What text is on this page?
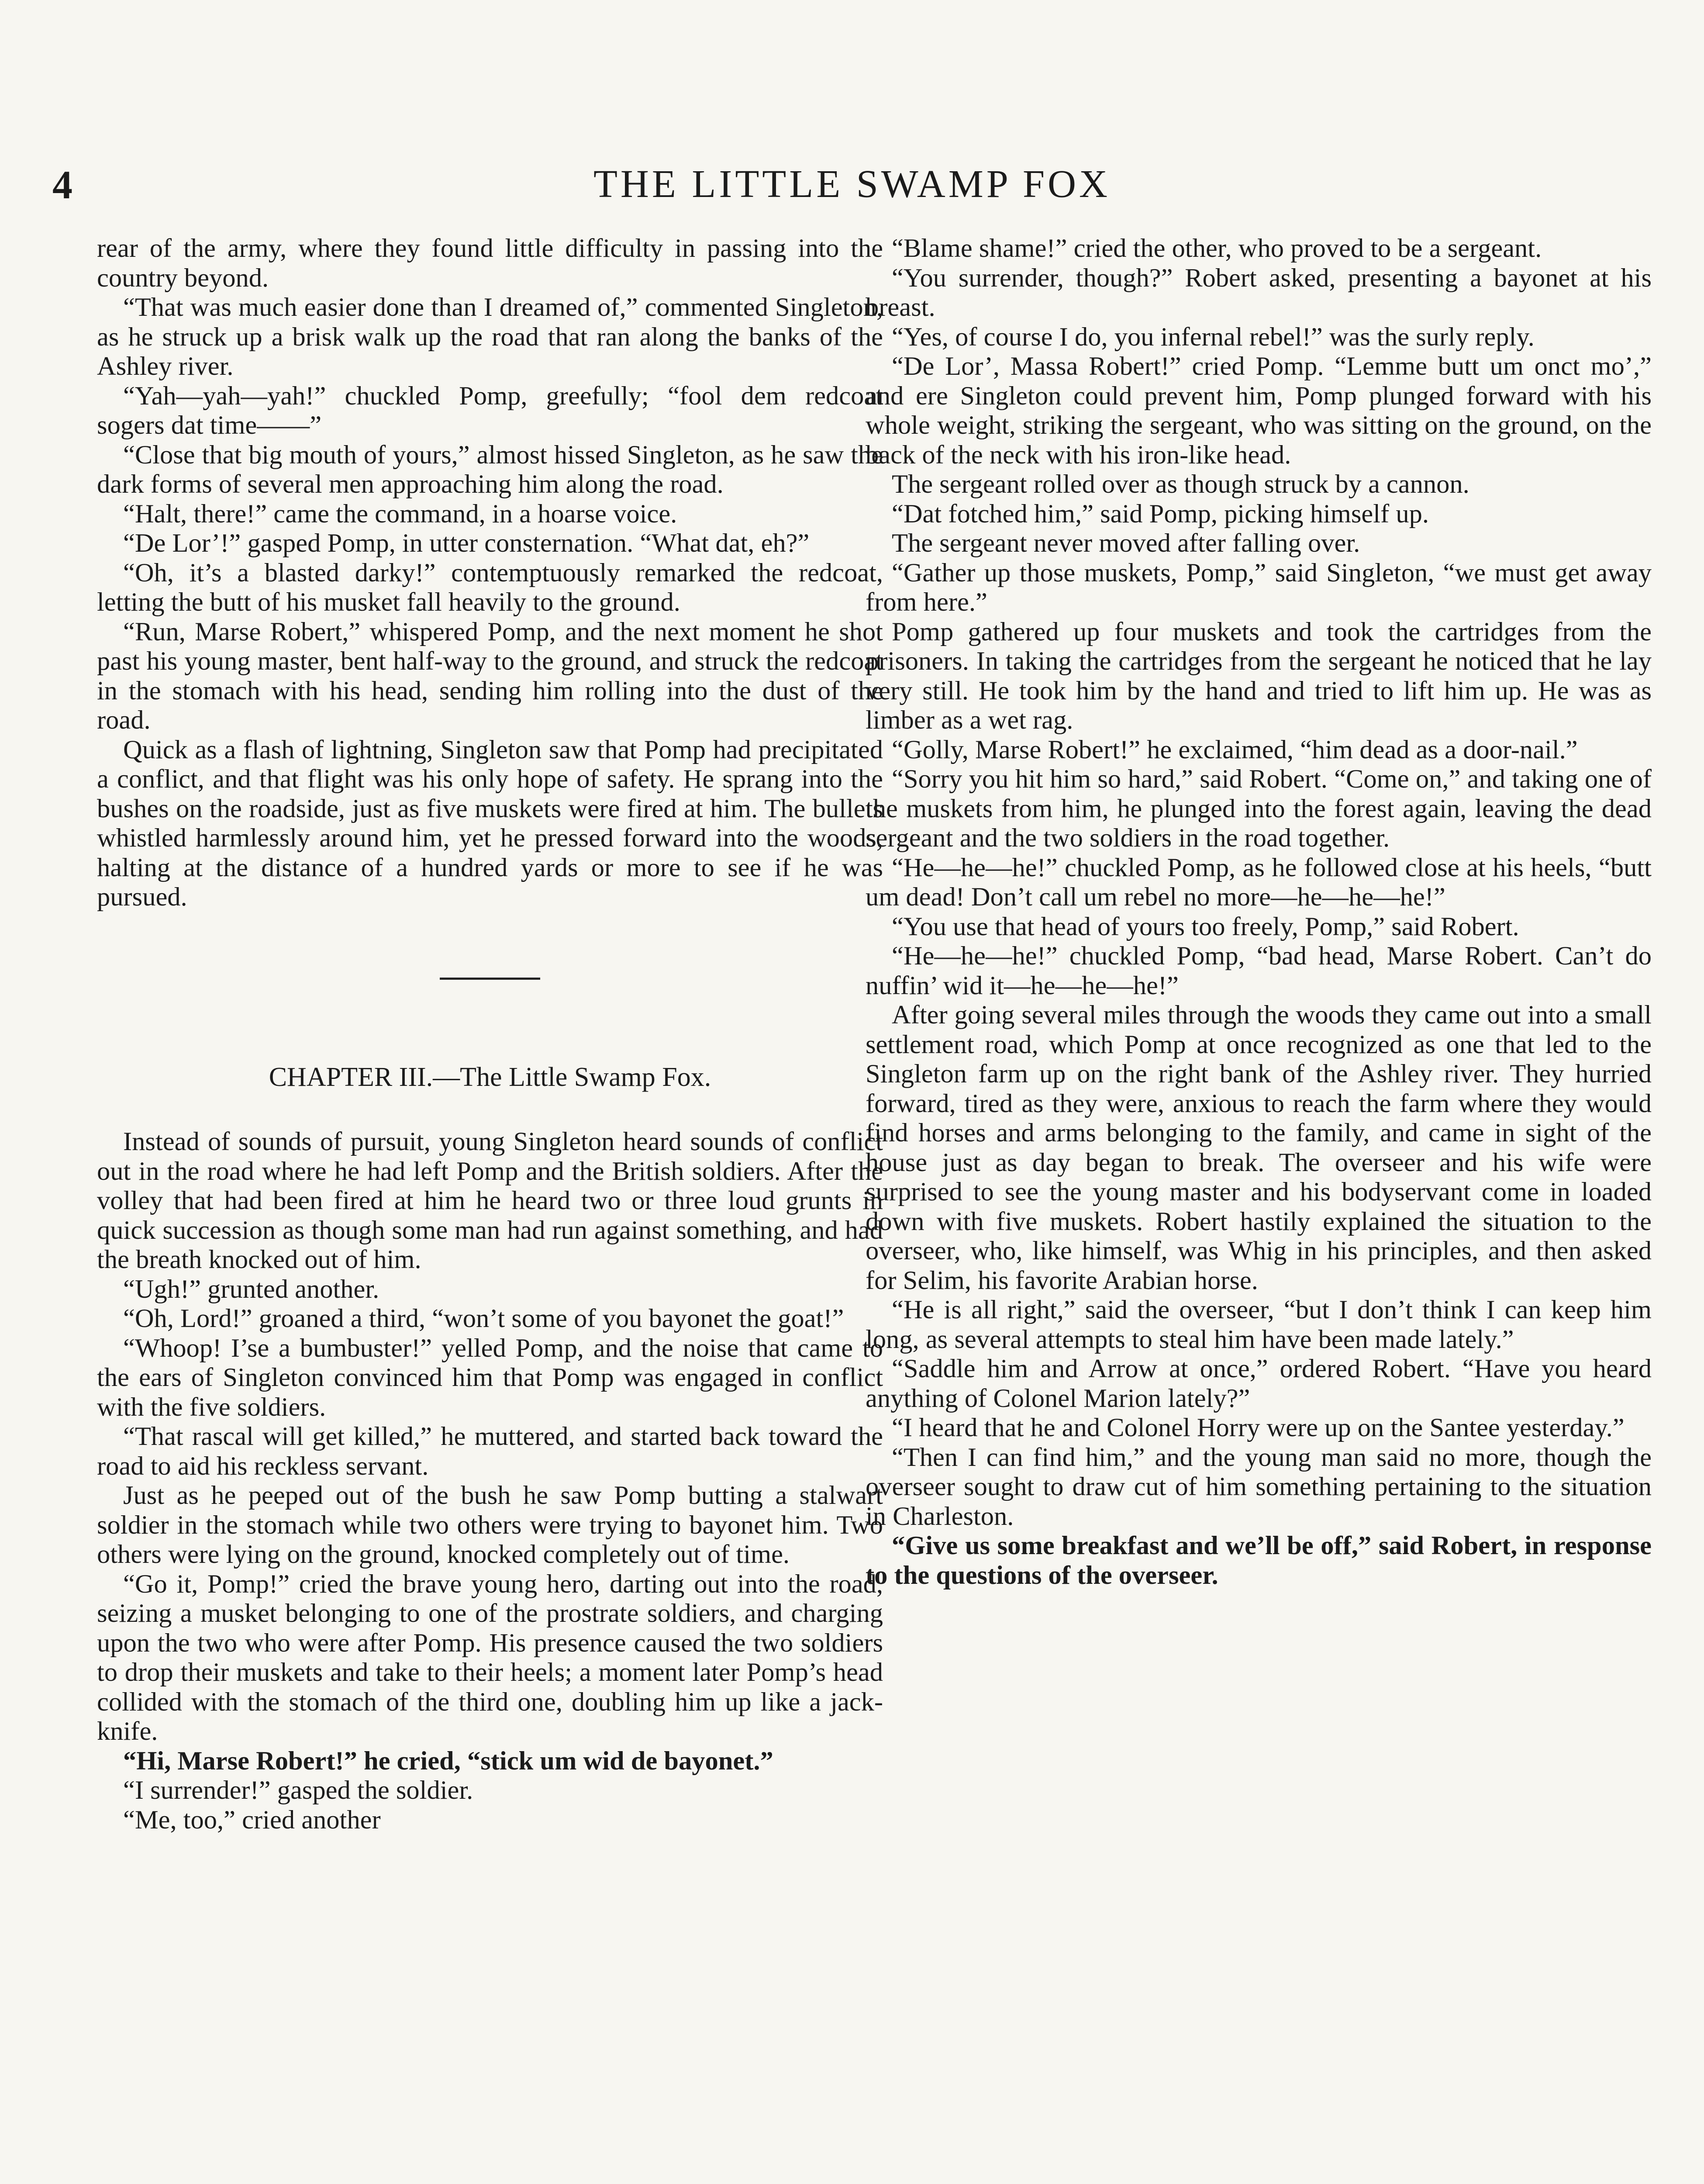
4	THE LITTLE SWAMP FOX

rear of the army, where they found little difficulty in passing into the country beyond.

“That was much easier done than I dreamed of,” commented Singleton, as he struck up a brisk walk up the road that ran along the banks of the Ashley river.

“Yah—yah—yah!” chuckled Pomp, greefully; “fool dem redcoat sogers dat time——”

“Close that big mouth of yours,” almost hissed Singleton, as he saw the dark forms of several men approaching him along the road.

“Halt, there!” came the command, in a hoarse voice.

“De Lor’!” gasped Pomp, in utter consternation. “What dat, eh?”

“Oh, it’s a blasted darky!” contemptuously remarked the redcoat, letting the butt of his musket fall heavily to the ground.

“Run, Marse Robert,” whispered Pomp, and the next moment he shot past his young master, bent half-way to the ground, and struck the redcoat in the stomach with his head, sending him rolling into the dust of the road.

Quick as a flash of lightning, Singleton saw that Pomp had precipitated a conflict, and that flight was his only hope of safety. He sprang into the bushes on the roadside, just as five muskets were fired at him. The bullets whistled harmlessly around him, yet he pressed forward into the woods, halting at the distance of a hundred yards or more to see if he was pursued.

CHAPTER III.—The Little Swamp Fox.

Instead of sounds of pursuit, young Singleton heard sounds of conflict out in the road where he had left Pomp and the British soldiers. After the volley that had been fired at him he heard two or three loud grunts in quick succession as though some man had run against something, and had the breath knocked out of him.

“Ugh!” grunted another.

“Oh, Lord!” groaned a third, “won’t some of you bayonet the goat!”

“Whoop! I’se a bumbuster!” yelled Pomp, and the noise that came to the ears of Singleton convinced him that Pomp was engaged in conflict with the five soldiers.

“That rascal will get killed,” he muttered, and started back toward the road to aid his reckless servant.

Just as he peeped out of the bush he saw Pomp butting a stalwart soldier in the stomach while two others were trying to bayonet him. Two others were lying on the ground, knocked completely out of time.

“Go it, Pomp!” cried the brave young hero, darting out into the road, seizing a musket belonging to one of the prostrate soldiers, and charging upon the two who were after Pomp. His presence caused the two soldiers to drop their muskets and take to their heels; a moment later Pomp’s head collided with the stomach of the third one, doubling him up like a jack-knife.

“Hi, Marse Robert!” he cried, “stick um wid de bayonet.”

“I surrender!” gasped the soldier.

“Me, too,” cried another

“Blame shame!” cried the other, who proved to be a sergeant.

“You surrender, though?” Robert asked, presenting a bayonet at his breast.

“Yes, of course I do, you infernal rebel!” was the surly reply.

“De Lor’, Massa Robert!” cried Pomp. “Lemme butt um onct mo’,” and ere Singleton could prevent him, Pomp plunged forward with his whole weight, striking the sergeant, who was sitting on the ground, on the back of the neck with his iron-like head.

The sergeant rolled over as though struck by a cannon.

“Dat fotched him,” said Pomp, picking himself up.

The sergeant never moved after falling over.

“Gather up those muskets, Pomp,” said Singleton, “we must get away from here.”

Pomp gathered up four muskets and took the cartridges from the prisoners. In taking the cartridges from the sergeant he noticed that he lay very still. He took him by the hand and tried to lift him up. He was as limber as a wet rag.

“Golly, Marse Robert!” he exclaimed, “him dead as a door-nail.”

“Sorry you hit him so hard,” said Robert. “Come on,” and taking one of the muskets from him, he plunged into the forest again, leaving the dead sergeant and the two soldiers in the road together.

“He—he—he!” chuckled Pomp, as he followed close at his heels, “butt um dead! Don’t call um rebel no more—he—he—he!”

“You use that head of yours too freely, Pomp,” said Robert.

“He—he—he!” chuckled Pomp, “bad head, Marse Robert. Can’t do nuffin’ wid it—he—he—he!”

After going several miles through the woods they came out into a small settlement road, which Pomp at once recognized as one that led to the Singleton farm up on the right bank of the Ashley river. They hurried forward, tired as they were, anxious to reach the farm where they would find horses and arms belonging to the family, and came in sight of the house just as day began to break. The overseer and his wife were surprised to see the young master and his bodyservant come in loaded down with five muskets. Robert hastily explained the situation to the overseer, who, like himself, was Whig in his principles, and then asked for Selim, his favorite Arabian horse.

“He is all right,” said the overseer, “but I don’t think I can keep him long, as several attempts to steal him have been made lately.”

“Saddle him and Arrow at once,” ordered Robert. “Have you heard anything of Colonel Marion lately?”

“I heard that he and Colonel Horry were up on the Santee yesterday.”

“Then I can find him,” and the young man said no more, though the overseer sought to draw cut of him something pertaining to the situation in Charleston.

“Give us some breakfast and we’ll be off,” said Robert, in response to the questions of the overseer.
